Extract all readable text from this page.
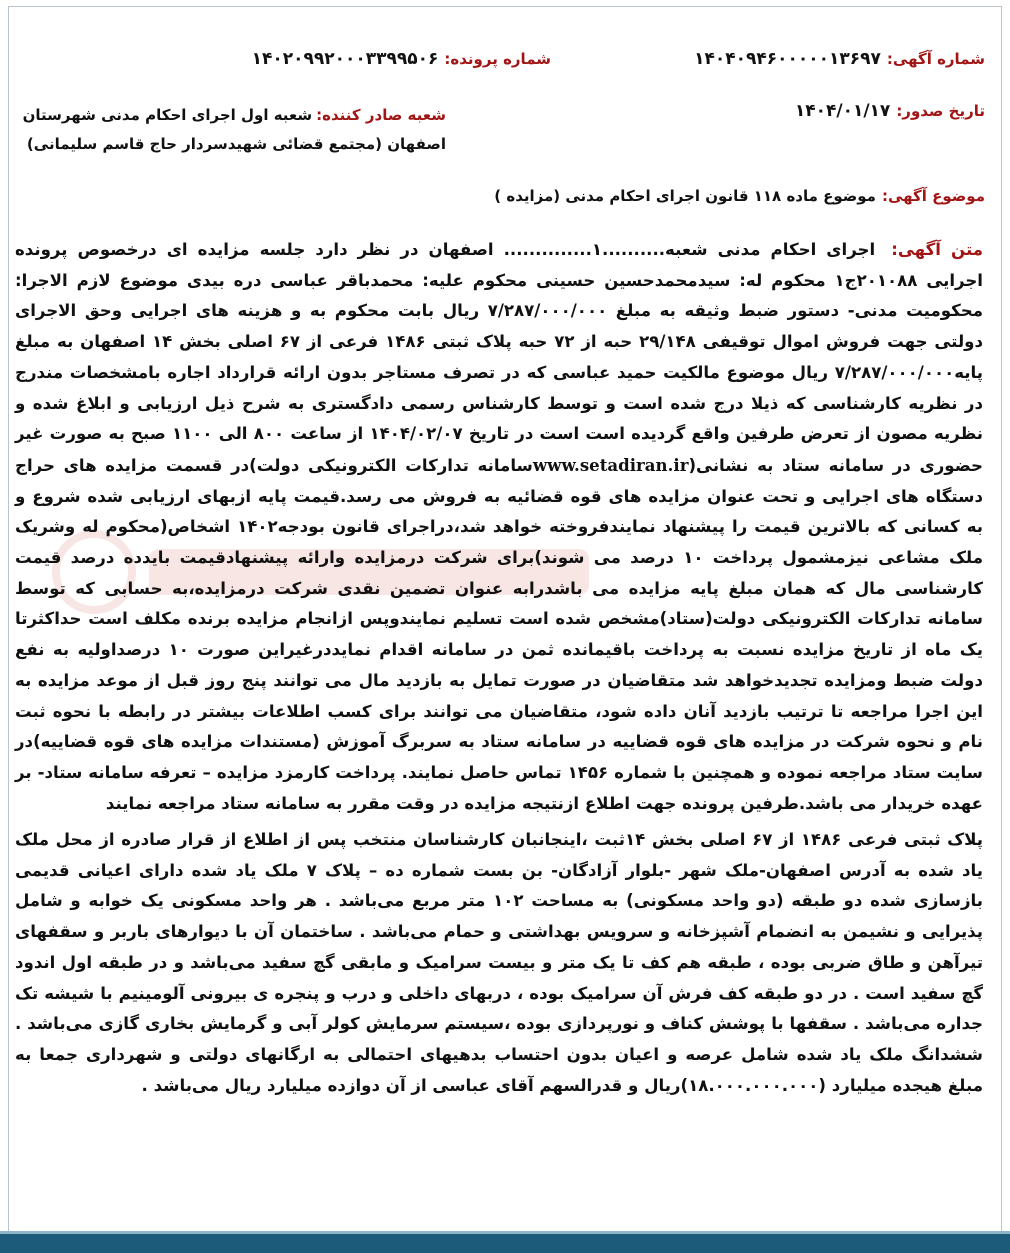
شماره آگهی:۱۴۰۴۰۹۴۶۰۰۰۰۰۱۳۶۹۷
شماره پرونده:۱۴۰۲۰۹۹۲۰۰۰۳۳۹۹۵۰۶
تاریخ صدور:۱۴۰۴/۰۱/۱۷
شعبه صادر کننده:شعبه اول اجرای احکام مدنی شهرستان اصفهان (مجتمع قضائی شهیدسردار حاج قاسم سلیمانی)
موضوع آگهی:موضوع ماده ۱۱۸ قانون اجرای احکام مدنی (مزایده )
متن آگهی: اجرای احکام مدنی شعبه..........۱.............. اصفهان در نظر دارد جلسه مزایده ای درخصوص پرونده اجرایی ۲۰۱۰۸۸ج۱ محکوم له: سیدمحمدحسین حسینی محکوم علیه: محمدباقر عباسی دره بیدی موضوع لازم الاجرا: محکومیت مدنی- دستور ضبط وثیقه به مبلغ ۷/۲۸۷/۰۰۰/۰۰۰ ریال بابت محکوم به و هزینه های اجرایی وحق الاجرای دولتی جهت فروش اموال توقیفی ۲۹/۱۴۸ حبه از ۷۲ حبه پلاک ثبتی ۱۴۸۶ فرعی از ۶۷ اصلی بخش ۱۴ اصفهان به مبلغ پایه۷/۲۸۷/۰۰۰/۰۰۰ ریال موضوع مالکیت حمید عباسی که در تصرف مستاجر بدون ارائه قرارداد اجاره بامشخصات مندرج در نظریه کارشناسی که ذیلا درج شده است و توسط کارشناس رسمی دادگستری به شرح ذیل ارزیابی و ابلاغ شده و نظریه مصون از تعرض طرفین واقع گردیده است است در تاریخ ۱۴۰۴/۰۲/۰۷ از ساعت ۸۰۰ الی ۱۱۰۰ صبح به صورت غیر حضوری در سامانه ستاد به نشانی(www.setadiran.irسامانه تدارکات الکترونیکی دولت)در قسمت مزایده های حراج دستگاه های اجرایی و تحت عنوان مزایده های قوه قضائیه به فروش می رسد.قیمت پایه ازبهای ارزیابی شده شروع و به کسانی که بالاترین قیمت را پیشنهاد نمایندفروخته خواهد شد،دراجرای قانون بودجه۱۴۰۲ اشخاص(محکوم له وشریک ملک مشاعی نیزمشمول پرداخت ۱۰ درصد می شوند)برای شرکت درمزایده وارائه پیشنهادقیمت بایدده درصد قیمت کارشناسی مال که همان مبلغ پایه مزایده می باشدرابه عنوان تضمین نقدی شرکت درمزایده،به حسابی که توسط سامانه تدارکات الکترونیکی دولت(ستاد)مشخص شده است تسلیم نمایندوپس ازانجام مزایده برنده مکلف است حداکثرتا یک ماه از تاریخ مزایده نسبت به پرداخت باقیمانده ثمن در سامانه اقدام نمایددرغیراین صورت ۱۰ درصداولیه به نفع دولت ضبط ومزایده تجدیدخواهد شد متقاضیان در صورت تمایل به بازدید مال می توانند پنج روز قبل از موعد مزایده به این اجرا مراجعه تا ترتیب بازدید آنان داده شود، متقاضیان می توانند برای کسب اطلاعات بیشتر در رابطه با نحوه ثبت نام و نحوه شرکت در مزایده های قوه قضاییه در سامانه ستاد به سربرگ آموزش (مستندات مزایده های قوه قضاییه)در سایت ستاد مراجعه نموده و همچنین با شماره ۱۴۵۶ تماس حاصل نمایند. پرداخت کارمزد مزایده – تعرفه سامانه ستاد- بر عهده خریدار می باشد.طرفین پرونده جهت اطلاع ازنتیجه مزایده در وقت مقرر به سامانه ستاد مراجعه نمایند
پلاک ثبتی فرعی ۱۴۸۶ از ۶۷ اصلی بخش ۱۴ثبت ،اینجانبان کارشناسان منتخب پس از اطلاع از قرار صادره از محل ملک یاد شده به آدرس اصفهان-ملک شهر -بلوار آزادگان- بن بست شماره ده – پلاک ۷ ملک یاد شده دارای اعیانی قدیمی بازسازی شده دو طبقه (دو واحد مسکونی) به مساحت ۱۰۲ متر مربع می‌باشد . هر واحد مسکونی یک خوابه و شامل پذیرایی و نشیمن به انضمام آشپزخانه و سرویس بهداشتی و حمام می‌باشد . ساختمان آن با دیوارهای باربر و سقفهای تیرآهن و طاق ضربی بوده ، طبقه هم کف تا یک متر و بیست سرامیک و مابقی گچ سفید می‌باشد و در طبقه اول اندود گچ سفید است . در دو طبقه کف فرش آن سرامیک بوده ، دربهای داخلی و درب و پنجره ی بیرونی آلومینیم با شیشه تک جداره می‌باشد . سقفها با پوشش کناف و نورپردازی بوده ،سیستم سرمایش کولر آبی و گرمایش بخاری گازی می‌باشد . ششدانگ ملک یاد شده شامل عرصه و اعیان بدون احتساب بدهیهای احتمالی به ارگانهای دولتی و شهرداری جمعا به مبلغ هیجده میلیارد (۱۸.۰۰۰.۰۰۰.۰۰۰)ریال و قدرالسهم آقای عباسی از آن دوازده میلیارد ریال می‌باشد .
